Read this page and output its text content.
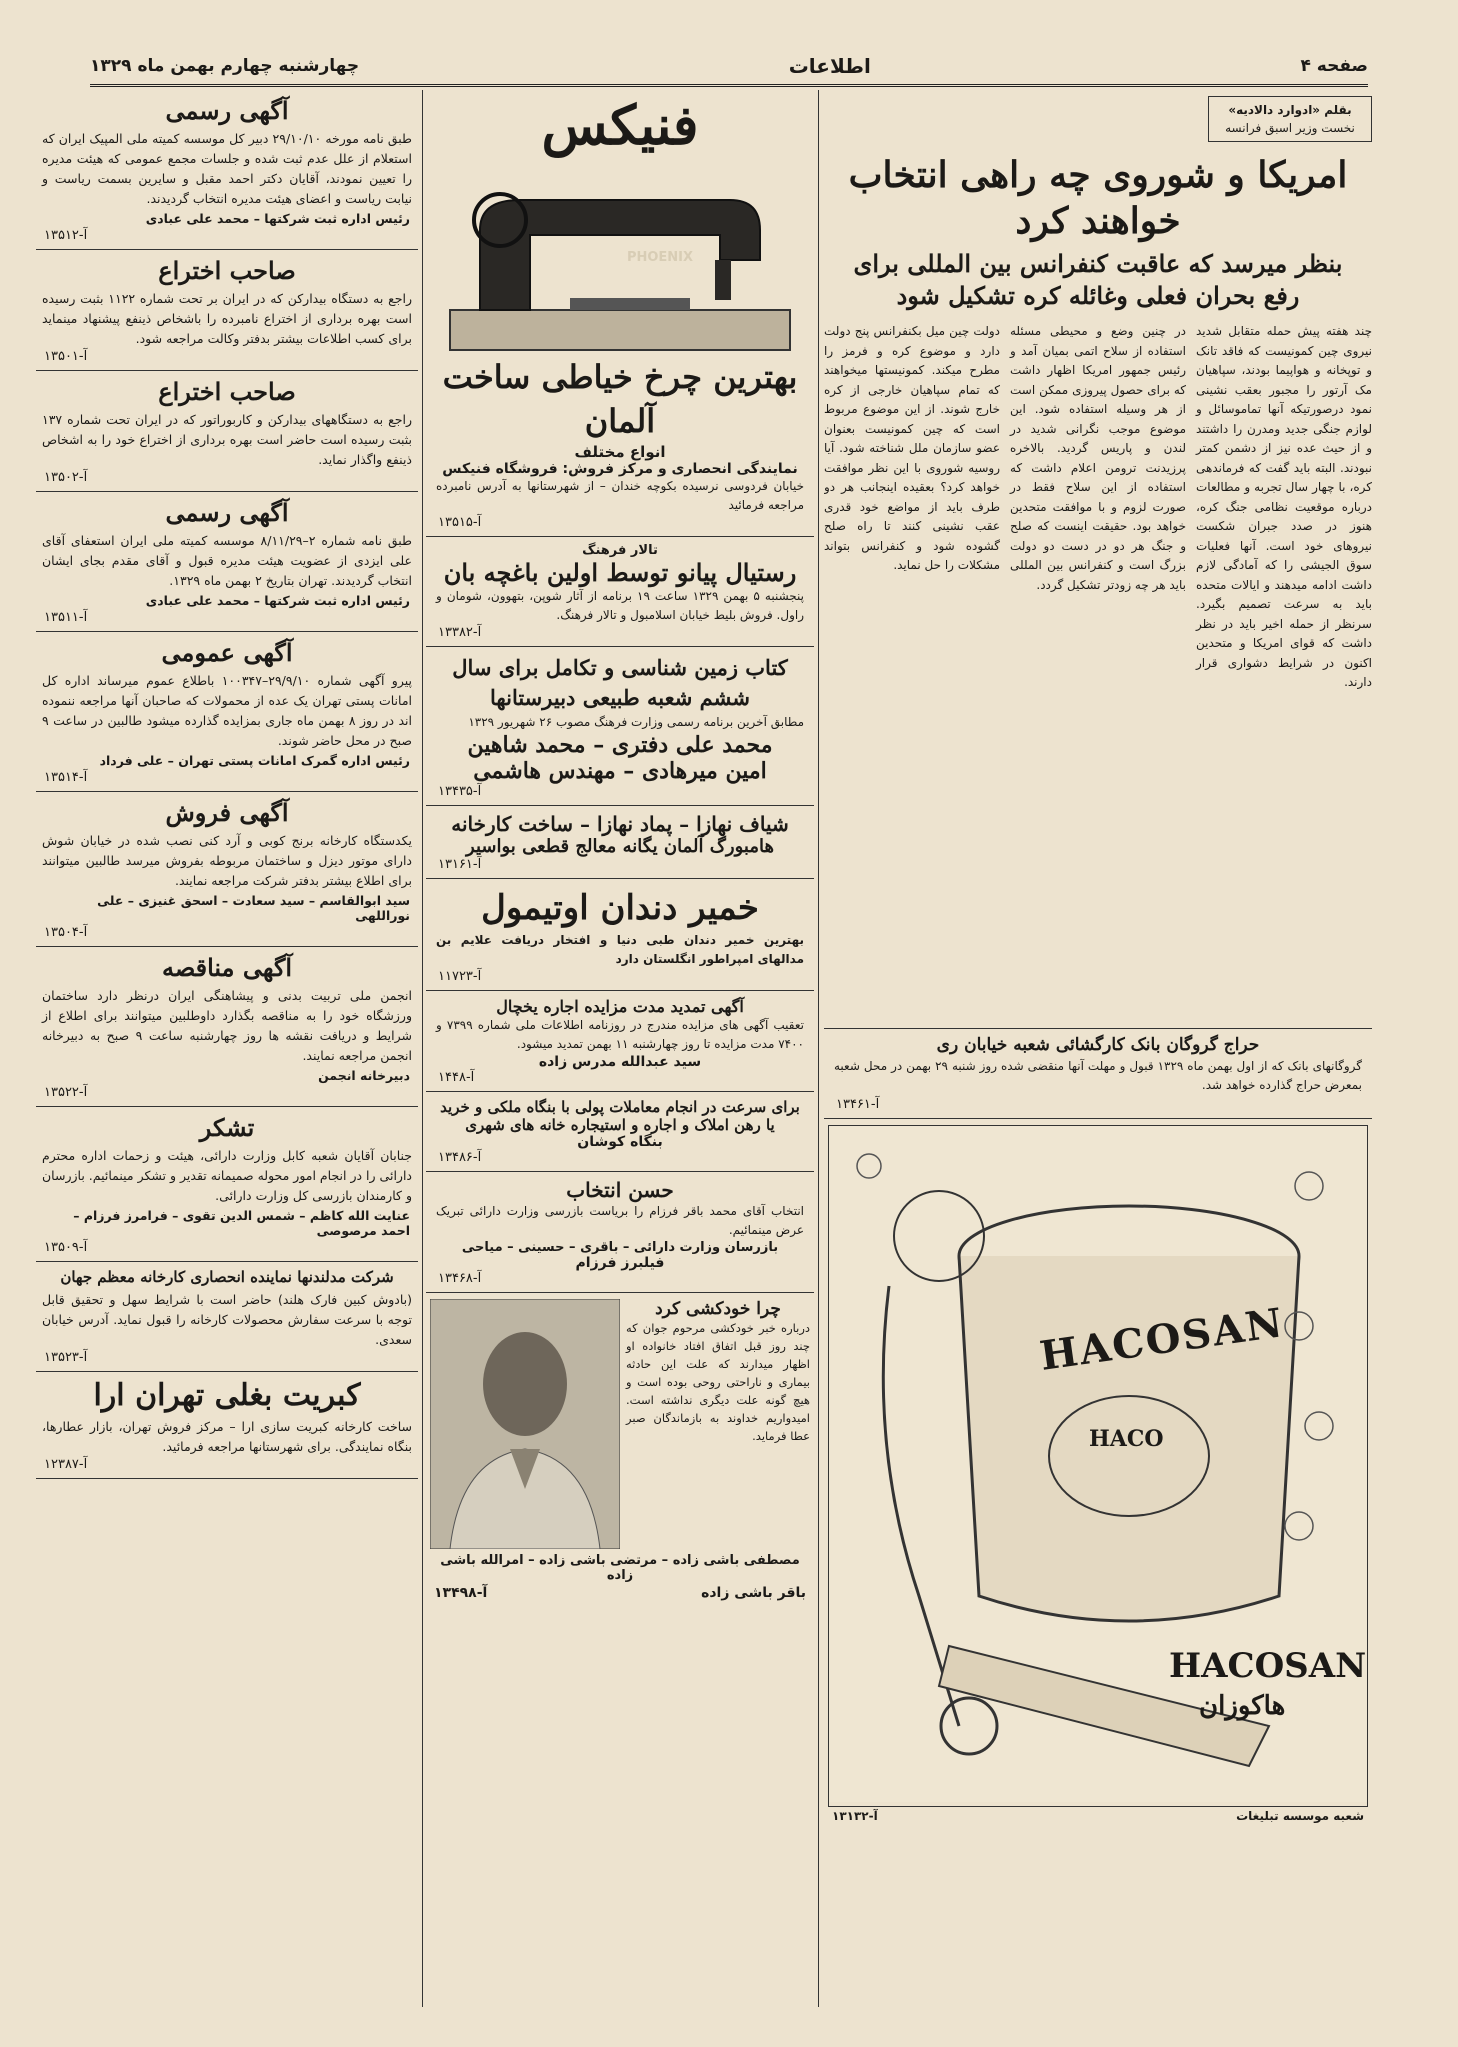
صفحه ۴
اطلاعات
چهارشنبه چهارم بهمن ماه ۱۳۲۹
بقلم «ادوارد دالادیه»
نخست وزیر اسبق فرانسه
امریکا و شوروی چه راهی انتخاب خواهند کرد
بنظر میرسد که عاقبت کنفرانس بین المللی برای رفع بحران فعلی وغائله کره تشکیل شود
چند هفته پیش حمله متقابل شدید نیروی چین کمونیست که فاقد تانک و توپخانه و هواپیما بودند، سپاهیان مک آرتور را مجبور بعقب نشینی نمود درصورتیکه آنها تماموسائل و لوازم جنگی جدید ومدرن را داشتند و از حیث عده نیز از دشمن کمتر نبودند. البته باید گفت که فرماندهی کره، با چهار سال تجربه و مطالعات درباره موقعیت نظامی جنگ کره، هنوز در صدد جبران شکست نیروهای خود است. آنها فعلیات سوق الجیشی را که آمادگی لازم داشت ادامه میدهند و ایالات متحده باید به سرعت تصمیم بگیرد. سرنظر از حمله اخیر باید در نظر داشت که قوای امریکا و متحدین اکنون در شرایط دشواری قرار دارند.
در چنین وضع و محیطی مسئله استفاده از سلاح اتمی بمیان آمد و رئیس جمهور امریکا اظهار داشت که برای حصول پیروزی ممکن است از هر وسیله استفاده شود. این موضوع موجب نگرانی شدید در لندن و پاریس گردید. بالاخره پرزیدنت ترومن اعلام داشت که استفاده از این سلاح فقط در صورت لزوم و با موافقت متحدین خواهد بود. حقیقت اینست که صلح و جنگ هر دو در دست دو دولت بزرگ است و کنفرانس بین المللی باید هر چه زودتر تشکیل گردد.
دولت چین میل بکنفرانس پنج دولت دارد و موضوع کره و فرمز را مطرح میکند. کمونیستها میخواهند که تمام سپاهیان خارجی از کره خارج شوند. از این موضوع مربوط است که چین کمونیست بعنوان عضو سازمان ملل شناخته شود. آیا روسیه شوروی با این نظر موافقت خواهد کرد؟ بعقیده اینجانب هر دو طرف باید از مواضع خود قدری عقب نشینی کنند تا راه صلح گشوده شود و کنفرانس بتواند مشکلات را حل نماید.
حراج گروگان بانک کارگشائی شعبه خیابان ری
گروگانهای بانک که از اول بهمن ماه ۱۳۲۹ قبول و مهلت آنها منقضی شده روز شنبه ۲۹ بهمن در محل شعبه بمعرض حراج گذارده خواهد شد.
آ-۱۳۴۶۱
HACOSAN
HACO
HACOSAN
هاکوزان
شعبه موسسه تبلیغات
آ-۱۳۱۳۲
فنیکس
PHOENIX
بهترین چرخ خیاطی ساخت آلمان
انواع مختلف
نمایندگی انحصاری و مرکز فروش: فروشگاه فنیکس
خیابان فردوسی نرسیده بکوچه خندان – از شهرستانها به آدرس نامبرده مراجعه فرمائید
آ-۱۳۵۱۵
تالار فرهنگ
رستیال پیانو توسط اولین باغچه بان
پنجشنبه ۵ بهمن ۱۳۲۹ ساعت ۱۹ برنامه از آثار شوپن، بتهوون، شومان و راول. فروش بلیط خیابان اسلامبول و تالار فرهنگ.
آ-۱۳۳۸۲
کتاب زمین شناسی و تکامل برای سال ششم شعبه طبیعی دبیرستانها
مطابق آخرین برنامه رسمی وزارت فرهنگ مصوب ۲۶ شهریور ۱۳۲۹
محمد علی دفتری – محمد شاهین
امین میرهادی – مهندس هاشمی
آ-۱۳۴۳۵
شیاف نهازا – پماد نهازا – ساخت کارخانه
هامبورگ آلمان یگانه معالج قطعی بواسیر
آ-۱۳۱۶۱
خمیر دندان اوتیمول
بهترین خمیر دندان طبی دنیا و افتخار دریافت علایم بن مدالهای امپراطور انگلستان دارد
آ-۱۱۷۲۳
آگهی تمدید مدت مزایده اجاره یخچال
تعقیب آگهی های مزایده مندرج در روزنامه اطلاعات ملی شماره ۷۳۹۹ و ۷۴۰۰ مدت مزایده تا روز چهارشنبه ۱۱ بهمن تمدید میشود.
سید عبدالله مدرس زاده
آ-۱۴۴۸
برای سرعت در انجام معاملات پولی با بنگاه ملکی و خرید
یا رهن املاک و اجاره و استیجاره خانه های شهری
بنگاه کوشان
آ-۱۳۴۸۶
حسن انتخاب
انتخاب آقای محمد باقر فرزام را بریاست بازرسی وزارت دارائی تبریک عرض مینمائیم.
بازرسان وزارت دارائی – باقری – حسینی – میاحی
فیلبرز فرزام
آ-۱۳۴۶۸
چرا خودکشی کرد
درباره خبر خودکشی مرحوم جوان که چند روز قبل اتفاق افتاد خانواده او اظهار میدارند که علت این حادثه بیماری و ناراحتی روحی بوده است و هیچ گونه علت دیگری نداشته است. امیدواریم خداوند به بازماندگان صبر عطا فرماید.
مصطفی باشی زاده – مرتضی باشی زاده – امرالله باشی زاده
باقر باشی زاده
آ-۱۳۴۹۸
آگهی رسمی
طبق نامه مورخه ۲۹/۱۰/۱۰ دبیر کل موسسه کمیته ملی المپیک ایران که استعلام از علل عدم ثبت شده و جلسات مجمع عمومی که هیئت مدیره را تعیین نمودند، آقایان دکتر احمد مقبل و سایرین بسمت ریاست و نیابت ریاست و اعضای هیئت مدیره انتخاب گردیدند.
رئیس اداره ثبت شرکتها – محمد علی عبادی
آ-۱۳۵۱۲
صاحب اختراع
راجع به دستگاه بیدارکن که در ایران بر تحت شماره ۱۱۲۲ بثبت رسیده است بهره برداری از اختراع نامبرده را باشخاص ذینفع پیشنهاد مینماید برای کسب اطلاعات بیشتر بدفتر وکالت مراجعه شود.
آ-۱۳۵۰۱
صاحب اختراع
راجع به دستگاههای بیدارکن و کاربوراتور که در ایران تحت شماره ۱۳۷ بثبت رسیده است حاضر است بهره برداری از اختراع خود را به اشخاص ذینفع واگذار نماید.
آ-۱۳۵۰۲
آگهی رسمی
طبق نامه شماره ۲–۸/۱۱/۲۹ موسسه کمیته ملی ایران استعفای آقای علی ایزدی از عضویت هیئت مدیره قبول و آقای مقدم بجای ایشان انتخاب گردیدند. تهران بتاریخ ۲ بهمن ماه ۱۳۲۹.
رئیس اداره ثبت شرکتها – محمد علی عبادی
آ-۱۳۵۱۱
آگهی عمومی
پیرو آگهی شماره ۲۹/۹/۱۰–۱۰۰۳۴۷ باطلاع عموم میرساند اداره کل امانات پستی تهران یک عده از محمولات که صاحبان آنها مراجعه ننموده اند در روز ۸ بهمن ماه جاری بمزایده گذارده میشود طالبین در ساعت ۹ صبح در محل حاضر شوند.
رئیس اداره گمرک امانات پستی تهران – علی فرداد
آ-۱۳۵۱۴
آگهی فروش
یکدستگاه کارخانه برنج کوبی و آرد کنی نصب شده در خیابان شوش دارای موتور دیزل و ساختمان مربوطه بفروش میرسد طالبین میتوانند برای اطلاع بیشتر بدفتر شرکت مراجعه نمایند.
سید ابوالقاسم – سید سعادت – اسحق غنیزی – علی نوراللهی
آ-۱۳۵۰۴
آگهی مناقصه
انجمن ملی تربیت بدنی و پیشاهنگی ایران درنظر دارد ساختمان ورزشگاه خود را به مناقصه بگذارد داوطلبین میتوانند برای اطلاع از شرایط و دریافت نقشه ها روز چهارشنبه ساعت ۹ صبح به دبیرخانه انجمن مراجعه نمایند.
دبیرخانه انجمن
آ-۱۳۵۲۲
تشکر
جنابان آقایان شعبه کابل وزارت دارائی، هیئت و زحمات اداره محترم دارائی را در انجام امور محوله صمیمانه تقدیر و تشکر مینمائیم. بازرسان و کارمندان بازرسی کل وزارت دارائی.
عنایت الله کاظم – شمس الدین تقوی – فرامرز فرزام – احمد مرصوصی
آ-۱۳۵۰۹
شرکت مدلندنها نماینده انحصاری کارخانه معظم جهان
(بادوش کبین فارک هلند) حاضر است با شرایط سهل و تحقیق قابل توجه با سرعت سفارش محصولات کارخانه را قبول نماید. آدرس خیابان سعدی.
آ-۱۳۵۲۳
کبریت بغلی تهران ارا
ساخت کارخانه کبریت سازی ارا – مرکز فروش تهران، بازار عطارها، بنگاه نمایندگی. برای شهرستانها مراجعه فرمائید.
آ-۱۲۳۸۷
